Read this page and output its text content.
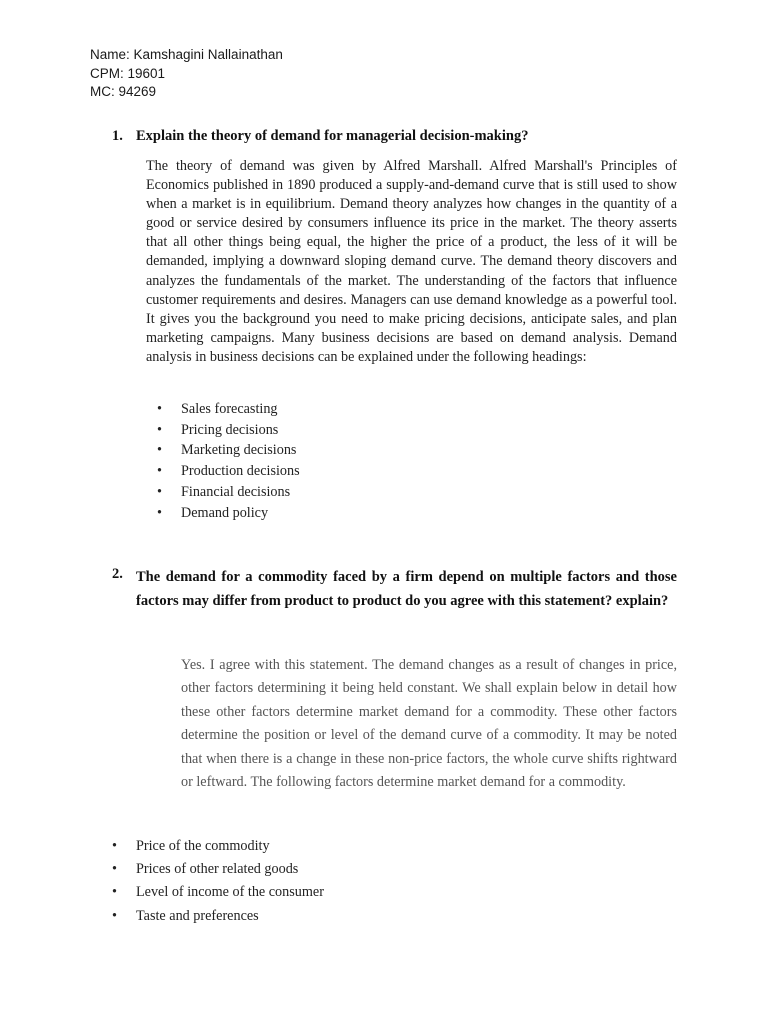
Name: Kamshagini Nallainathan
CPM: 19601
MC: 94269
1. Explain the theory of demand for managerial decision-making?

The theory of demand was given by Alfred Marshall. Alfred Marshall's Principles of Economics published in 1890 produced a supply-and-demand curve that is still used to show when a market is in equilibrium. Demand theory analyzes how changes in the quantity of a good or service desired by consumers influence its price in the market. The theory asserts that all other things being equal, the higher the price of a product, the less of it will be demanded, implying a downward sloping demand curve. The demand theory discovers and analyzes the fundamentals of the market. The understanding of the factors that influence customer requirements and desires. Managers can use demand knowledge as a powerful tool. It gives you the background you need to make pricing decisions, anticipate sales, and plan marketing campaigns. Many business decisions are based on demand analysis. Demand analysis in business decisions can be explained under the following headings:

• Sales forecasting
• Pricing decisions
• Marketing decisions
• Production decisions
• Financial decisions
• Demand policy
2. The demand for a commodity faced by a firm depend on multiple factors and those factors may differ from product to product do you agree with this statement? explain?

Yes. I agree with this statement. The demand changes as a result of changes in price, other factors determining it being held constant. We shall explain below in detail how these other factors determine market demand for a commodity. These other factors determine the position or level of the demand curve of a commodity. It may be noted that when there is a change in these non-price factors, the whole curve shifts rightward or leftward. The following factors determine market demand for a commodity.

• Price of the commodity
• Prices of other related goods
• Level of income of the consumer
• Taste and preferences
